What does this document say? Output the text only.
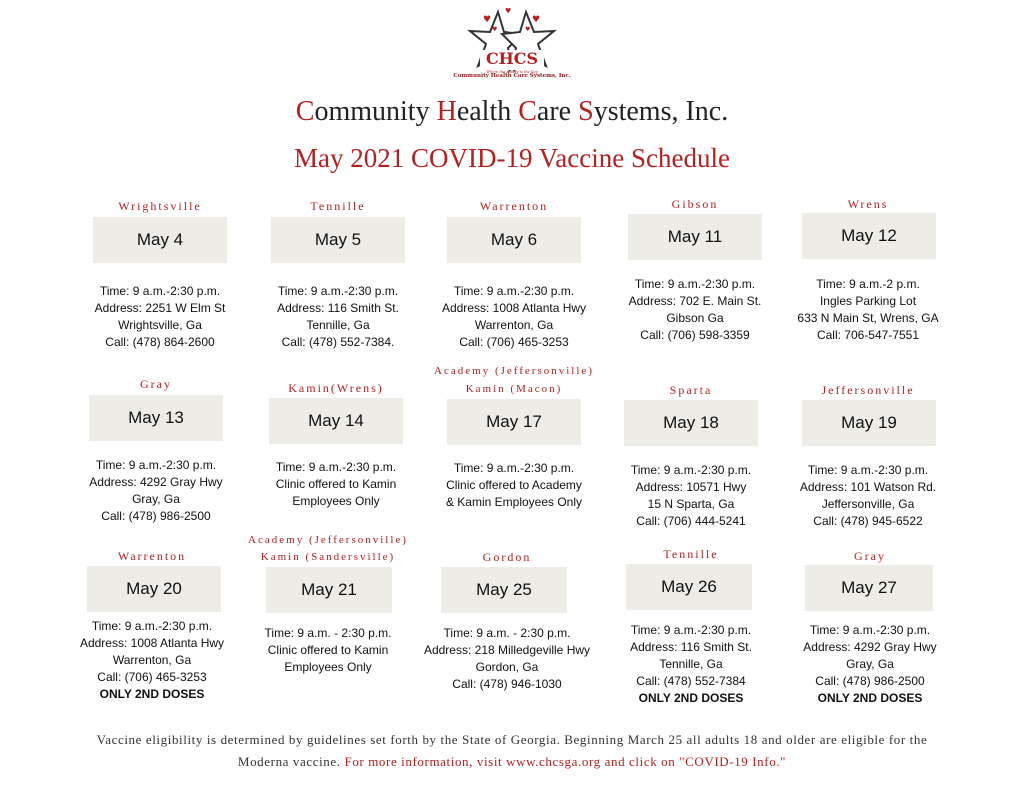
♥	♥
♥
♥	♥
CHCS
Where the Family is the Key
Community Health Care Systems, Inc.
Community Health Care Systems, Inc.
May 2021 COVID-19 Vaccine Schedule
Wrightsville
May 4
Time: 9 a.m.-2:30 p.m.
Address: 2251 W Elm St
Wrightsville, Ga
Call: (478) 864-2600
Tennille
May 5
Time: 9 a.m.-2:30 p.m.
Address: 116 Smith St.
Tennille, Ga
Call: (478) 552-7384.
Warrenton
May 6
Time: 9 a.m.-2:30 p.m.
Address: 1008 Atlanta Hwy
Warrenton, Ga
Call: (706) 465-3253
Gibson
May 11
Time: 9 a.m.-2:30 p.m.
Address: 702 E. Main St.
Gibson Ga
Call: (706) 598-3359
Wrens
May 12
Time: 9 a.m.-2 p.m.
Ingles Parking Lot
633 N Main St, Wrens, GA
Call: 706-547-7551
Gray
May 13
Time: 9 a.m.-2:30 p.m.
Address: 4292 Gray Hwy
Gray, Ga
Call: (478) 986-2500
Kamin(Wrens)
May 14
Time: 9 a.m.-2:30 p.m.
Clinic offered to Kamin
Employees Only
Academy (Jeffersonville)
Kamin (Macon)
May 17
Time: 9 a.m.-2:30 p.m.
Clinic offered to Academy
& Kamin Employees Only
Sparta
May 18
Time: 9 a.m.-2:30 p.m.
Address: 10571 Hwy
15 N Sparta, Ga
Call: (706) 444-5241
Jeffersonville
May 19
Time: 9 a.m.-2:30 p.m.
Address: 101 Watson Rd.
Jeffersonville, Ga
Call: (478) 945-6522
Warrenton
May 20
Time: 9 a.m.-2:30 p.m.
Address: 1008 Atlanta Hwy
Warrenton, Ga
Call: (706) 465-3253
ONLY 2ND DOSES
Academy (Jeffersonville)
Kamin (Sandersville)
May 21
Time: 9 a.m. - 2:30 p.m.
Clinic offered to Kamin
Employees Only
Gordon
May 25
Time: 9 a.m. - 2:30 p.m.
Address: 218 Milledgeville Hwy
Gordon, Ga
Call: (478) 946-1030
Tennille
May 26
Time: 9 a.m.-2:30 p.m.
Address: 116 Smith St.
Tennille, Ga
Call: (478) 552-7384
ONLY 2ND DOSES
Gray
May 27
Time: 9 a.m.-2:30 p.m.
Address: 4292 Gray Hwy
Gray, Ga
Call: (478) 986-2500
ONLY 2ND DOSES
Vaccine eligibility is determined by guidelines set forth by the State of Georgia. Beginning March 25 all adults 18 and older are eligible for the
Moderna vaccine. For more information, visit www.chcsga.org and click on "COVID-19 Info."
